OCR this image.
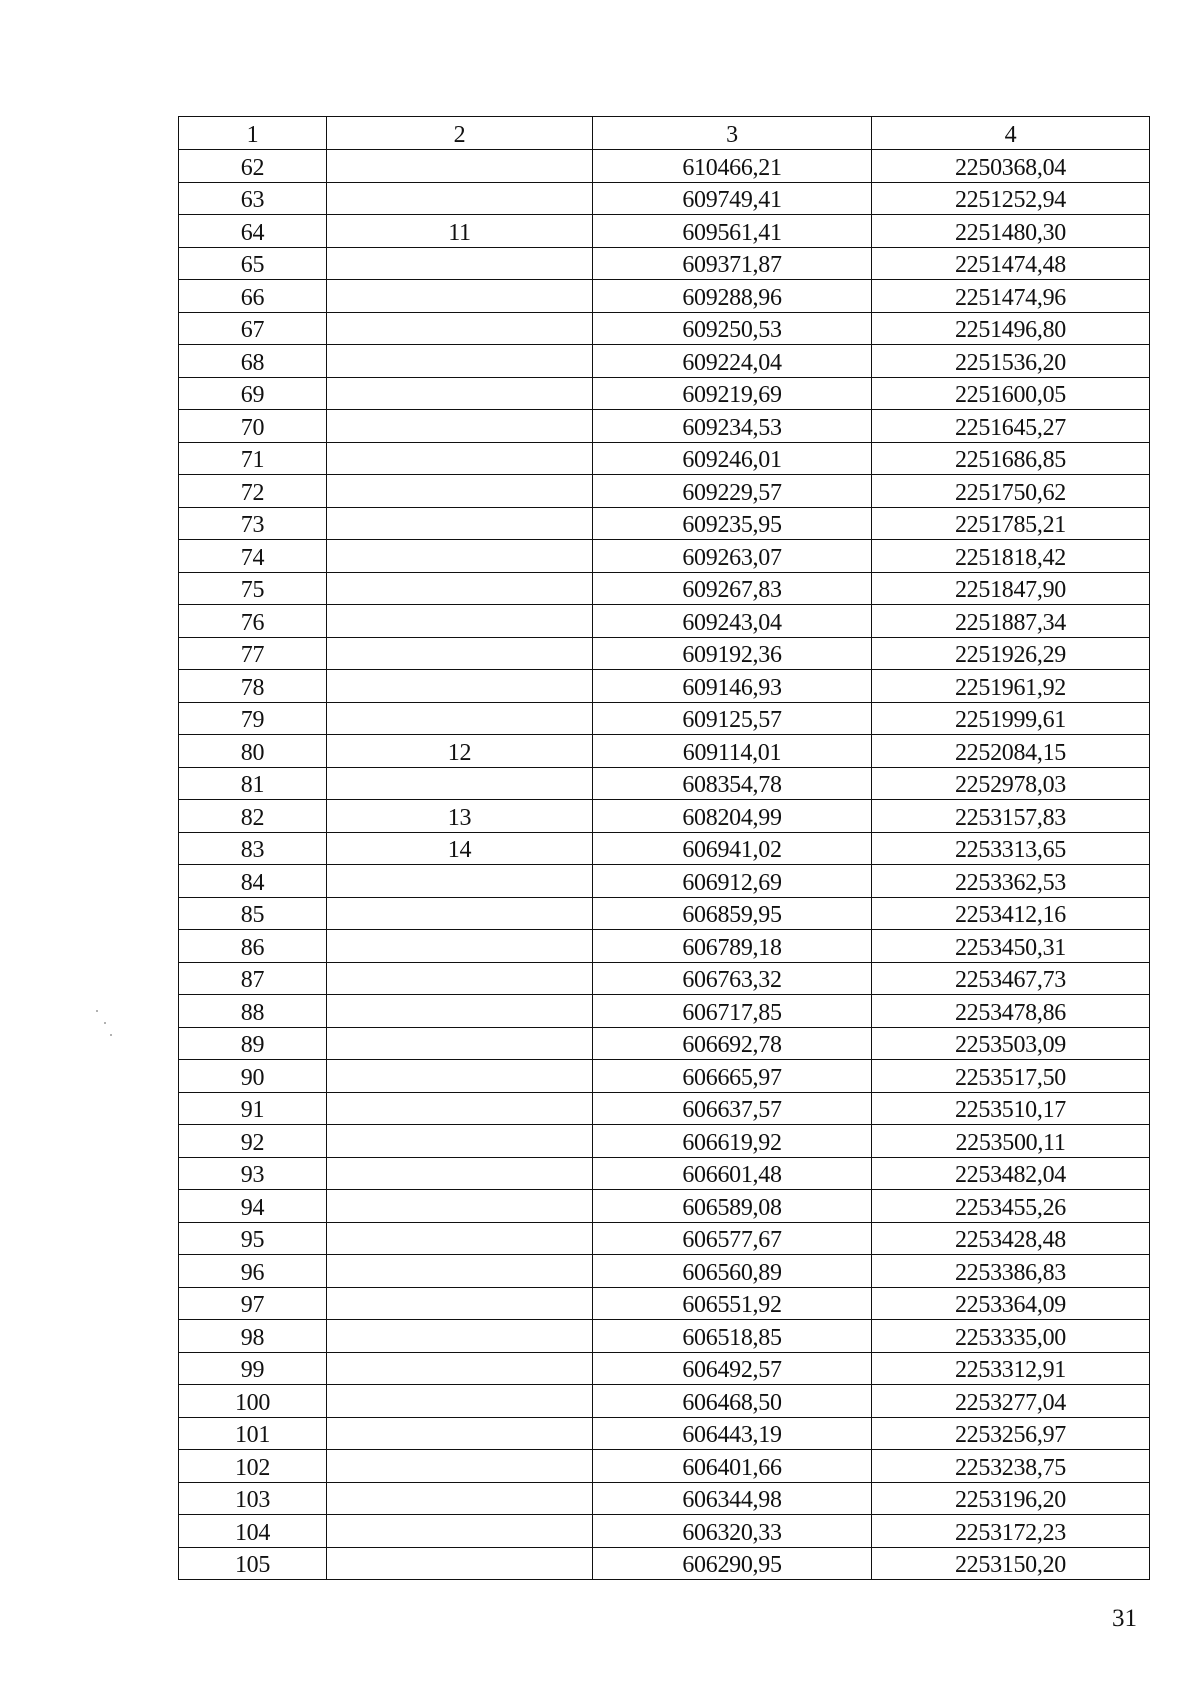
1	2	3	4
62		610466,21	2250368,04
63		609749,41	2251252,94
64	11	609561,41	2251480,30
65		609371,87	2251474,48
66		609288,96	2251474,96
67		609250,53	2251496,80
68		609224,04	2251536,20
69		609219,69	2251600,05
70		609234,53	2251645,27
71		609246,01	2251686,85
72		609229,57	2251750,62
73		609235,95	2251785,21
74		609263,07	2251818,42
75		609267,83	2251847,90
76		609243,04	2251887,34
77		609192,36	2251926,29
78		609146,93	2251961,92
79		609125,57	2251999,61
80	12	609114,01	2252084,15
81		608354,78	2252978,03
82	13	608204,99	2253157,83
83	14	606941,02	2253313,65
84		606912,69	2253362,53
85		606859,95	2253412,16
86		606789,18	2253450,31
87		606763,32	2253467,73
88		606717,85	2253478,86
89		606692,78	2253503,09
90		606665,97	2253517,50
91		606637,57	2253510,17
92		606619,92	2253500,11
93		606601,48	2253482,04
94		606589,08	2253455,26
95		606577,67	2253428,48
96		606560,89	2253386,83
97		606551,92	2253364,09
98		606518,85	2253335,00
99		606492,57	2253312,91
100		606468,50	2253277,04
101		606443,19	2253256,97
102		606401,66	2253238,75
103		606344,98	2253196,20
104		606320,33	2253172,23
105		606290,95	2253150,20
31
